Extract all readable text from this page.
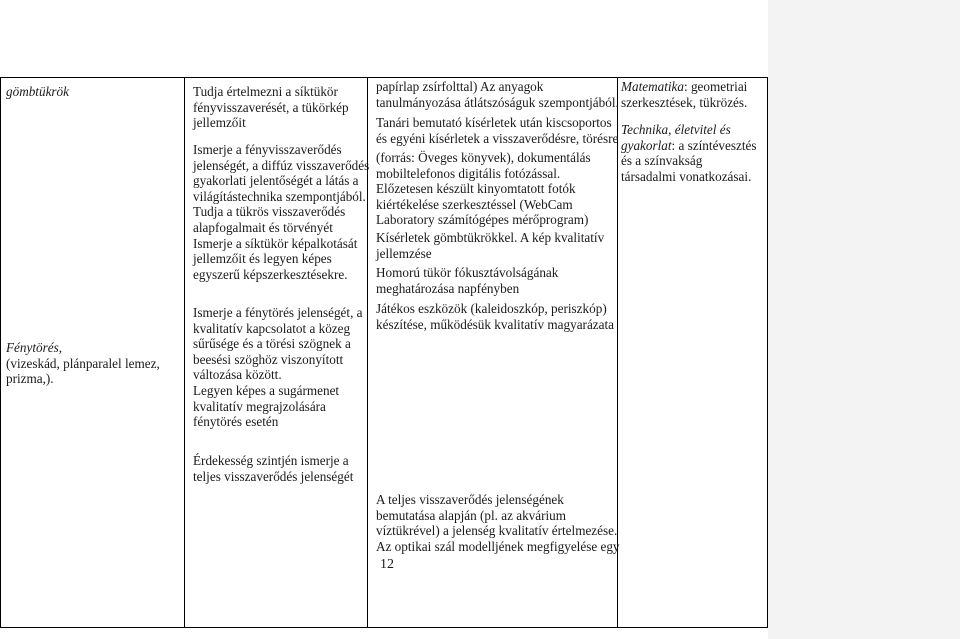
gömbtükrök	Tudja értelmezni a síktükör

fényvisszaverését, a tükörkép

jellemzőit

Ismerje a fényvisszaverődés

jelenségét, a diffúz visszaverődés

gyakorlati jelentőségét a látás a

világítástechnika szempontjából.

Tudja a tükrös visszaverődés

alapfogalmait és törvényét

Ismerje a síktükör képalkotását

jellemzőit és legyen képes

egyszerű képszerkesztésekre.

papírlap zsírfolttal) Az anyagok

tanulmányozása átlátszóságuk szempontjából.

Tanári bemutató kísérletek után kiscsoportos

és egyéni kísérletek a visszaverődésre, törésre

(forrás: Öveges könyvek), dokumentálás

mobiltelefonos digitális fotózással.

Előzetesen készült kinyomtatott fotók

kiértékelése szerkesztéssel (WebCam

Laboratory számítógépes mérőprogram)

Kísérletek gömbtükrökkel. A kép kvalitatív

jellemzése

Homorú tükör fókusztávolságának

meghatározása napfényben

Matematika: geometriai

szerkesztések, tükrözés.

Technika, életvitel és

gyakorlat: a színtévesztés

és a színvakság

társadalmi vonatkozásai.

Fénytörés,

(vizeskád, plánparalel lemez,

prizma,).

Ismerje a fénytörés jelenségét, a

kvalitatív kapcsolatot a közeg

sűrűsége és a törési szögnek a

beesési szöghöz viszonyított

változása között.

Legyen képes a sugármenet

kvalitatív megrajzolására

fénytörés esetén

Érdekesség szintjén ismerje a

teljes visszaverődés jelenségét

Játékos eszközök (kaleidoszkóp, periszkóp)

készítése, működésük kvalitatív magyarázata

A teljes visszaverődés jelenségének

bemutatása alapján (pl. az akvárium

víztükrével) a jelenség kvalitatív értelmezése.

Az optikai szál modelljének megfigyelése egy

12
